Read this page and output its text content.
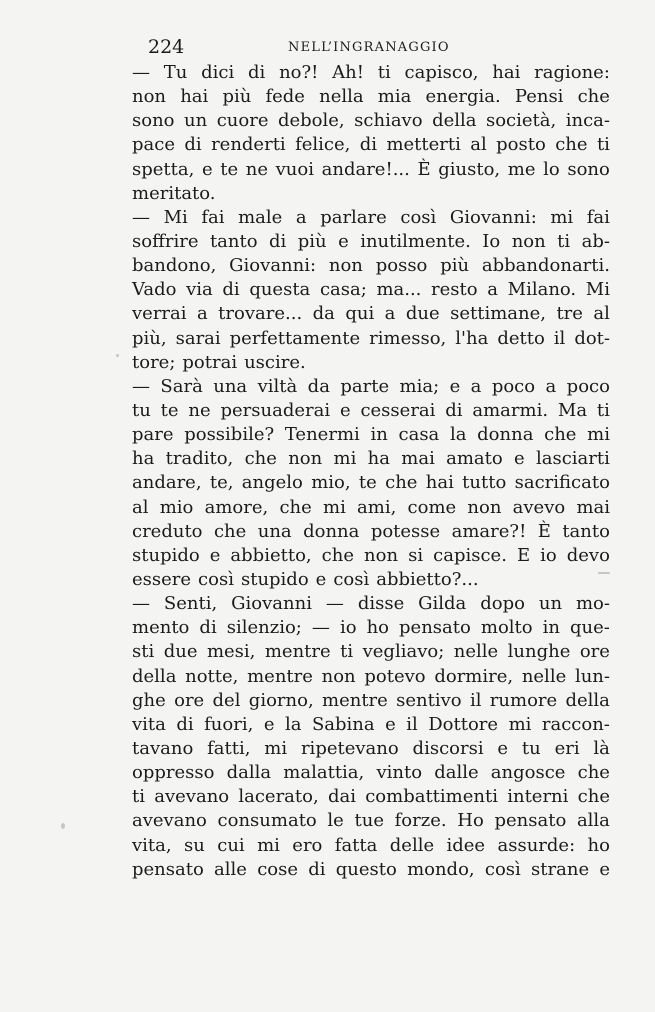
224	NELL’INGRANAGGIO
— Tu dici di no?! Ah! ti capisco, hai ragione:
non hai più fede nella mia energia. Pensi che
sono un cuore debole, schiavo della società, inca-
pace di renderti felice, di metterti al posto che ti
spetta, e te ne vuoi andare!... È giusto, me lo sono
meritato.
— Mi fai male a parlare così Giovanni: mi fai
soffrire tanto di più e inutilmente. Io non ti ab-
bandono, Giovanni: non posso più abbandonarti.
Vado via di questa casa; ma... resto a Milano. Mi
verrai a trovare... da qui a due settimane, tre al
più, sarai perfettamente rimesso, l'ha detto il dot-
tore; potrai uscire.
— Sarà una viltà da parte mia; e a poco a poco
tu te ne persuaderai e cesserai di amarmi. Ma ti
pare possibile? Tenermi in casa la donna che mi
ha tradito, che non mi ha mai amato e lasciarti
andare, te, angelo mio, te che hai tutto sacrificato
al mio amore, che mi ami, come non avevo mai
creduto che una donna potesse amare?! È tanto
stupido e abbietto, che non si capisce. E io devo
essere così stupido e così abbietto?...
— Senti, Giovanni — disse Gilda dopo un mo-
mento di silenzio; — io ho pensato molto in que-
sti due mesi, mentre ti vegliavo; nelle lunghe ore
della notte, mentre non potevo dormire, nelle lun-
ghe ore del giorno, mentre sentivo il rumore della
vita di fuori, e la Sabina e il Dottore mi raccon-
tavano fatti, mi ripetevano discorsi e tu eri là
oppresso dalla malattia, vinto dalle angosce che
ti avevano lacerato, dai combattimenti interni che
avevano consumato le tue forze. Ho pensato alla
vita, su cui mi ero fatta delle idee assurde: ho
pensato alle cose di questo mondo, così strane e
